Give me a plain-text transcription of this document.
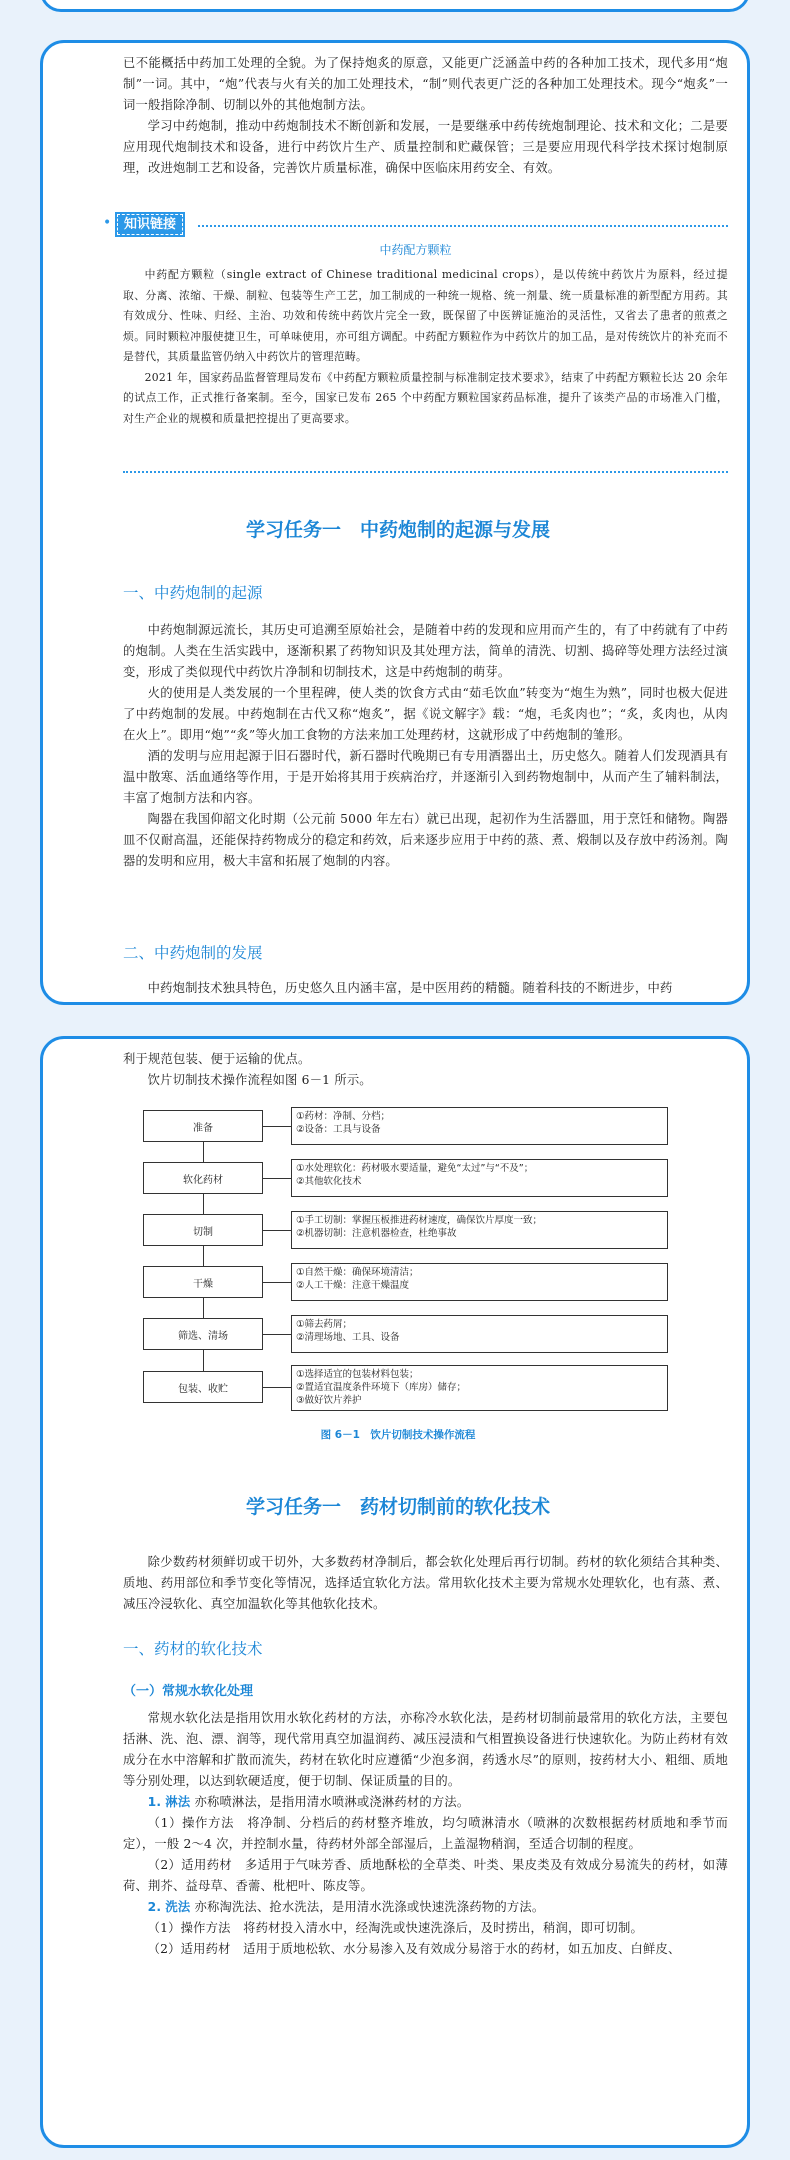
已不能概括中药加工处理的全貌。为了保持炮炙的原意，又能更广泛涵盖中药的各种加工技术，现代多用“炮制”一词。其中，“炮”代表与火有关的加工处理技术，“制”则代表更广泛的各种加工处理技术。现今“炮炙”一词一般指除净制、切制以外的其他炮制方法。

学习中药炮制，推动中药炮制技术不断创新和发展，一是要继承中药传统炮制理论、技术和文化；二是要应用现代炮制技术和设备，进行中药饮片生产、质量控制和贮藏保管；三是要应用现代科学技术探讨炮制原理，改进炮制工艺和设备，完善饮片质量标准，确保中医临床用药安全、有效。

• 知识链接
中药配方颗粒

中药配方颗粒（single extract of Chinese traditional medicinal crops），是以传统中药饮片为原料，经过提取、分离、浓缩、干燥、制粒、包装等生产工艺，加工制成的一种统一规格、统一剂量、统一质量标准的新型配方用药。其有效成分、性味、归经、主治、功效和传统中药饮片完全一致，既保留了中医辨证施治的灵活性，又省去了患者的煎煮之烦。同时颗粒冲服使捷卫生，可单味使用，亦可组方调配。中药配方颗粒作为中药饮片的加工品，是对传统饮片的补充而不是替代，其质量监管仍纳入中药饮片的管理范畴。

2021 年，国家药品监督管理局发布《中药配方颗粒质量控制与标准制定技术要求》，结束了中药配方颗粒长达 20 余年的试点工作，正式推行备案制。至今，国家已发布 265 个中药配方颗粒国家药品标准，提升了该类产品的市场准入门槛，对生产企业的规模和质量把控提出了更高要求。

学习任务一　中药炮制的起源与发展
一、中药炮制的起源

中药炮制源远流长，其历史可追溯至原始社会，是随着中药的发现和应用而产生的，有了中药就有了中药的炮制。人类在生活实践中，逐渐积累了药物知识及其处理方法，简单的清洗、切割、捣碎等处理方法经过演变，形成了类似现代中药饮片净制和切制技术，这是中药炮制的萌芽。

火的使用是人类发展的一个里程碑，使人类的饮食方式由“茹毛饮血”转变为“炮生为熟”，同时也极大促进了中药炮制的发展。中药炮制在古代又称“炮炙”，据《说文解字》载：“炮，毛炙肉也”；“炙，炙肉也，从肉在火上”。即用“炮”“炙”等火加工食物的方法来加工处理药材，这就形成了中药炮制的雏形。

酒的发明与应用起源于旧石器时代，新石器时代晚期已有专用酒器出土，历史悠久。随着人们发现酒具有温中散寒、活血通络等作用，于是开始将其用于疾病治疗，并逐渐引入到药物炮制中，从而产生了辅料制法，丰富了炮制方法和内容。

陶器在我国仰韶文化时期（公元前 5000 年左右）就已出现，起初作为生活器皿，用于烹饪和储物。陶器皿不仅耐高温，还能保持药物成分的稳定和药效，后来逐步应用于中药的蒸、煮、煅制以及存放中药汤剂。陶器的发明和应用，极大丰富和拓展了炮制的内容。

二、中药炮制的发展

中药炮制技术独具特色，历史悠久且内涵丰富，是中医用药的精髓。随着科技的不断进步，中药

利于规范包装、便于运输的优点。

饮片切制技术操作流程如图 6－1 所示。

准备
①药材：净制、分档；
②设备：工具与设备
软化药材
①水处理软化：药材吸水要适量，避免“太过”与“不及”；
②其他软化技术
切制
①手工切制：掌握压板推进药材速度，确保饮片厚度一致；
②机器切制：注意机器检查，杜绝事故
干燥
①自然干燥：确保环境清洁；
②人工干燥：注意干燥温度
筛选、清场
①筛去药屑；
②清理场地、工具、设备
包装、收贮
①选择适宜的包装材料包装；
②置适宜温度条件环境下（库房）储存；
③做好饮片养护
图 6－1　饮片切制技术操作流程
学习任务一　药材切制前的软化技术

除少数药材须鲜切或干切外，大多数药材净制后，都会软化处理后再行切制。药材的软化须结合其种类、质地、药用部位和季节变化等情况，选择适宜软化方法。常用软化技术主要为常规水处理软化，也有蒸、煮、减压冷浸软化、真空加温软化等其他软化技术。

一、药材的软化技术
（一）常规水软化处理

常规水软化法是指用饮用水软化药材的方法，亦称冷水软化法，是药材切制前最常用的软化方法，主要包括淋、洗、泡、漂、润等，现代常用真空加温润药、减压浸渍和气相置换设备进行快速软化。为防止药材有效成分在水中溶解和扩散而流失，药材在软化时应遵循“少泡多润，药透水尽”的原则，按药材大小、粗细、质地等分别处理，以达到软硬适度，便于切制、保证质量的目的。

1. 淋法 亦称喷淋法，是指用清水喷淋或浇淋药材的方法。

（1）操作方法　将净制、分档后的药材整齐堆放，均匀喷淋清水（喷淋的次数根据药材质地和季节而定），一般 2～4 次，并控制水量，待药材外部全部湿后，上盖湿物稍润，至适合切制的程度。

（2）适用药材　多适用于气味芳香、质地酥松的全草类、叶类、果皮类及有效成分易流失的药材，如薄荷、荆芥、益母草、香薷、枇杷叶、陈皮等。

2. 洗法 亦称淘洗法、抢水洗法，是用清水洗涤或快速洗涤药物的方法。

（1）操作方法　将药材投入清水中，经淘洗或快速洗涤后，及时捞出，稍润，即可切制。

（2）适用药材　适用于质地松软、水分易渗入及有效成分易溶于水的药材，如五加皮、白鲜皮、
